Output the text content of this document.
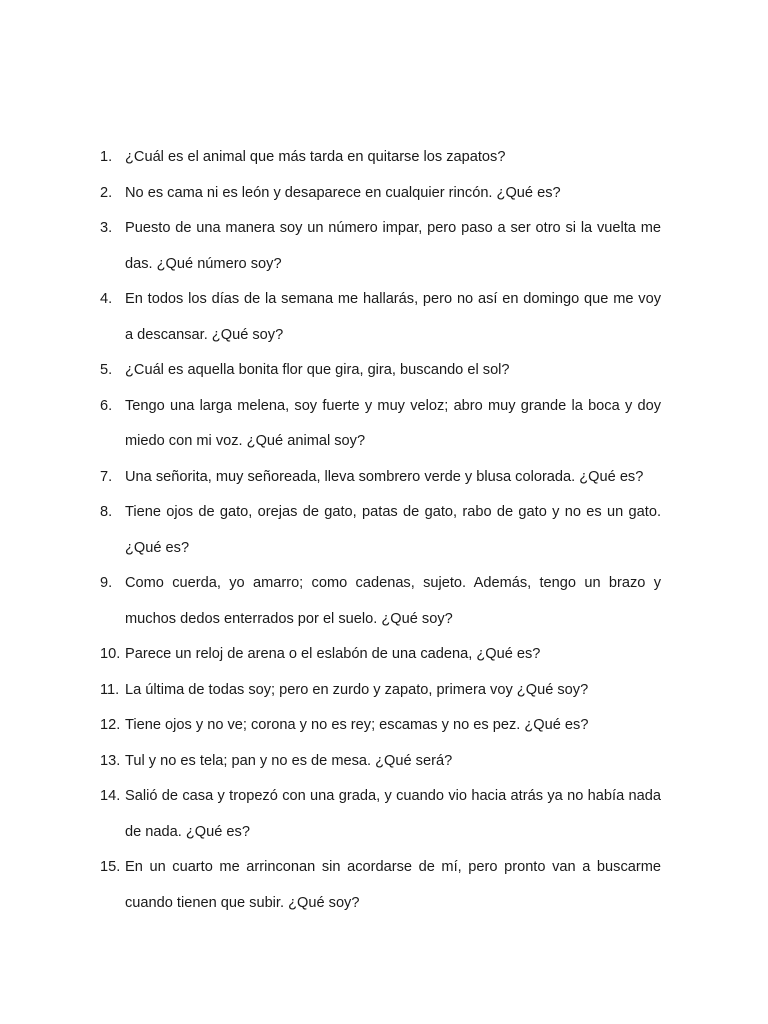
1. ¿Cuál es el animal que más tarda en quitarse los zapatos?
2. No es cama ni es león y desaparece en cualquier rincón. ¿Qué es?
3. Puesto de una manera soy un número impar, pero paso a ser otro si la vuelta me das. ¿Qué número soy?
4. En todos los días de la semana me hallarás, pero no así en domingo que me voy a descansar. ¿Qué soy?
5. ¿Cuál es aquella bonita flor que gira, gira, buscando el sol?
6. Tengo una larga melena, soy fuerte y muy veloz; abro muy grande la boca y doy miedo con mi voz. ¿Qué animal soy?
7. Una señorita, muy señoreada, lleva sombrero verde y blusa colorada. ¿Qué es?
8. Tiene ojos de gato, orejas de gato, patas de gato, rabo de gato y no es un gato. ¿Qué es?
9. Como cuerda, yo amarro; como cadenas, sujeto. Además, tengo un brazo y muchos dedos enterrados por el suelo. ¿Qué soy?
10. Parece un reloj de arena o el eslabón de una cadena, ¿Qué es?
11. La última de todas soy; pero en zurdo y zapato, primera voy ¿Qué soy?
12. Tiene ojos y no ve; corona y no es rey; escamas y no es pez. ¿Qué es?
13. Tul y no es tela; pan y no es de mesa. ¿Qué será?
14. Salió de casa y tropezó con una grada, y cuando vio hacia atrás ya no había nada de nada. ¿Qué es?
15. En un cuarto me arrinconan sin acordarse de mí, pero pronto van a buscarme cuando tienen que subir. ¿Qué soy?
